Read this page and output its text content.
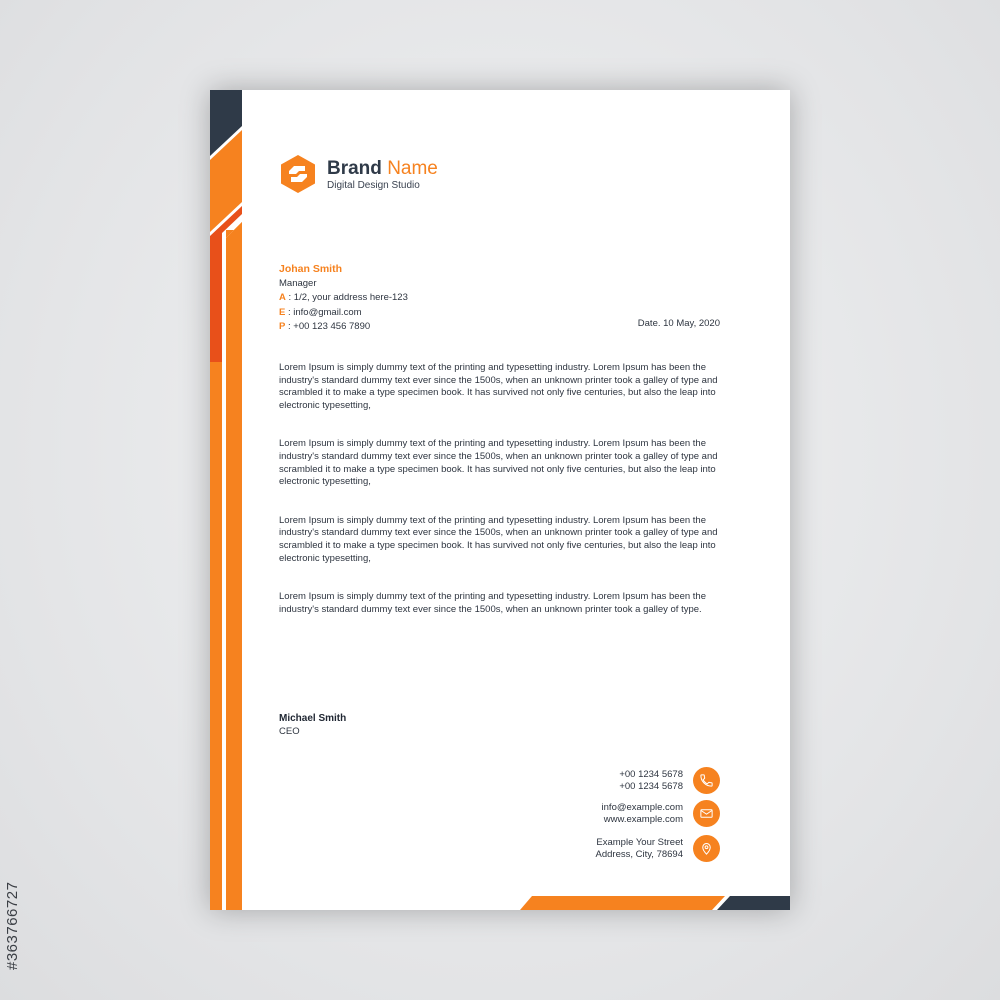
Brand Name
Digital Design Studio
Johan Smith
Manager
A : 1/2, your address here-123
E : info@gmail.com
P : +00 123 456 7890	Date. 10 May, 2020

Lorem Ipsum is simply dummy text of the printing and typesetting industry. Lorem Ipsum has been the industry's standard dummy text ever since the 1500s, when an unknown printer took a galley of type and scrambled it to make a type specimen book. It has survived not only five centuries, but also the leap into electronic typesetting,

Lorem Ipsum is simply dummy text of the printing and typesetting industry. Lorem Ipsum has been the industry's standard dummy text ever since the 1500s, when an unknown printer took a galley of type and scrambled it to make a type specimen book. It has survived not only five centuries, but also the leap into electronic typesetting,

Lorem Ipsum is simply dummy text of the printing and typesetting industry. Lorem Ipsum has been the industry's standard dummy text ever since the 1500s, when an unknown printer took a galley of type and scrambled it to make a type specimen book. It has survived not only five centuries, but also the leap into electronic typesetting,

Lorem Ipsum is simply dummy text of the printing and typesetting industry. Lorem Ipsum has been the industry's standard dummy text ever since the 1500s, when an unknown printer took a galley of type.

Michael Smith
CEO
+00 1234 5678
+00 1234 5678
info@example.com
www.example.com
Example Your Street
Address, City, 78694
#363766727
